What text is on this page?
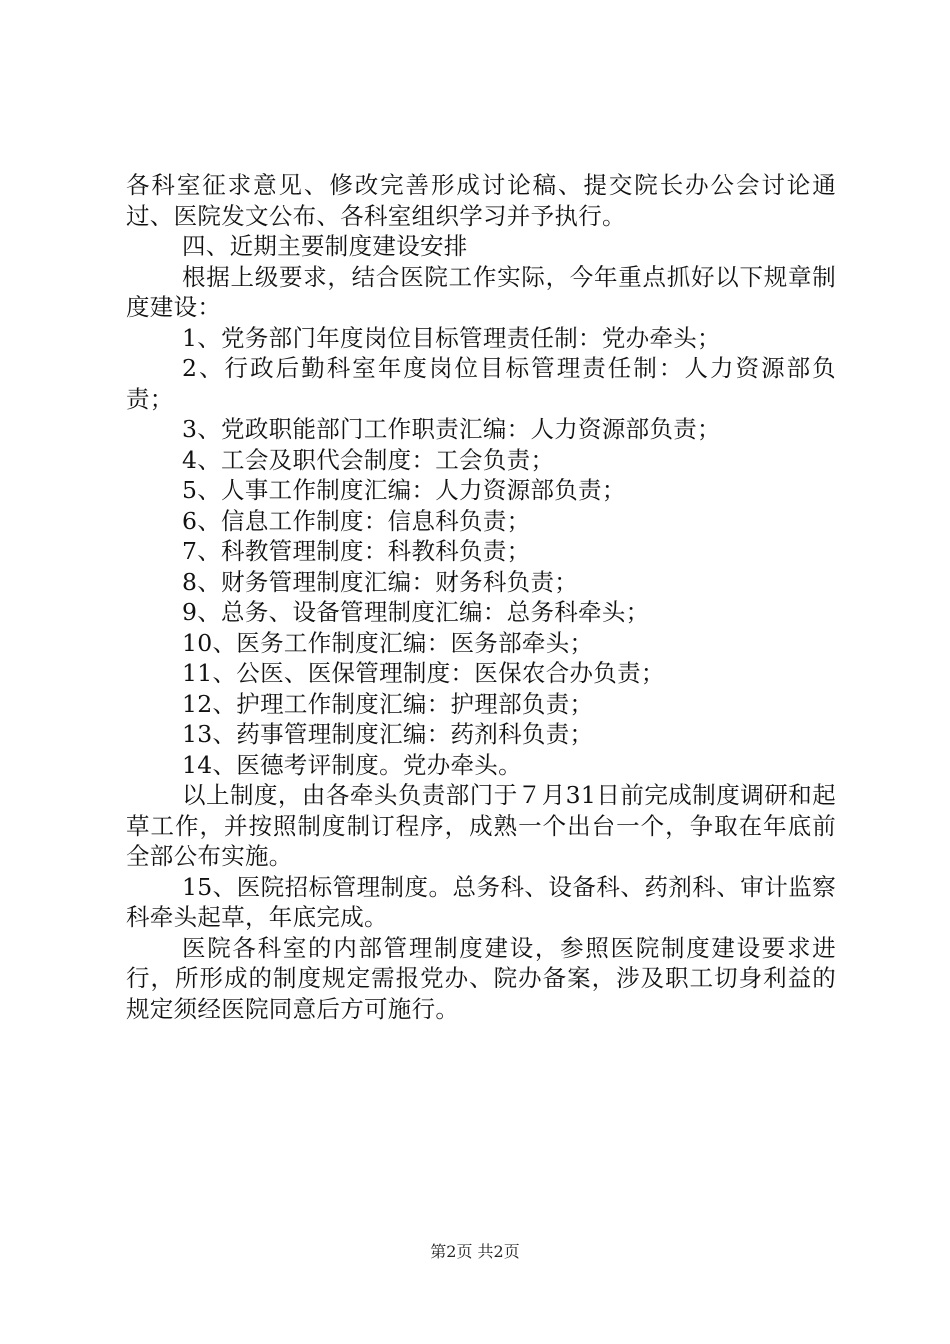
各科室征求意见、修改完善形成讨论稿、提交院长办公会讨论通过、医院发文公布、各科室组织学习并予执行。

四、近期主要制度建设安排

根据上级要求，结合医院工作实际，今年重点抓好以下规章制度建设：

1、党务部门年度岗位目标管理责任制：党办牵头；
2、行政后勤科室年度岗位目标管理责任制：人力资源部负责；
3、党政职能部门工作职责汇编：人力资源部负责；
4、工会及职代会制度：工会负责；
5、人事工作制度汇编：人力资源部负责；
6、信息工作制度：信息科负责；
7、科教管理制度：科教科负责；
8、财务管理制度汇编：财务科负责；
9、总务、设备管理制度汇编：总务科牵头；
10、医务工作制度汇编：医务部牵头；
11、公医、医保管理制度：医保农合办负责；
12、护理工作制度汇编：护理部负责；
13、药事管理制度汇编：药剂科负责；
14、医德考评制度。党办牵头。

以上制度，由各牵头负责部门于７月31日前完成制度调研和起草工作，并按照制度制订程序，成熟一个出台一个，争取在年底前全部公布实施。

15、医院招标管理制度。总务科、设备科、药剂科、审计监察科牵头起草，年底完成。

医院各科室的内部管理制度建设，参照医院制度建设要求进行，所形成的制度规定需报党办、院办备案，涉及职工切身利益的规定须经医院同意后方可施行。

第2页 共2页
